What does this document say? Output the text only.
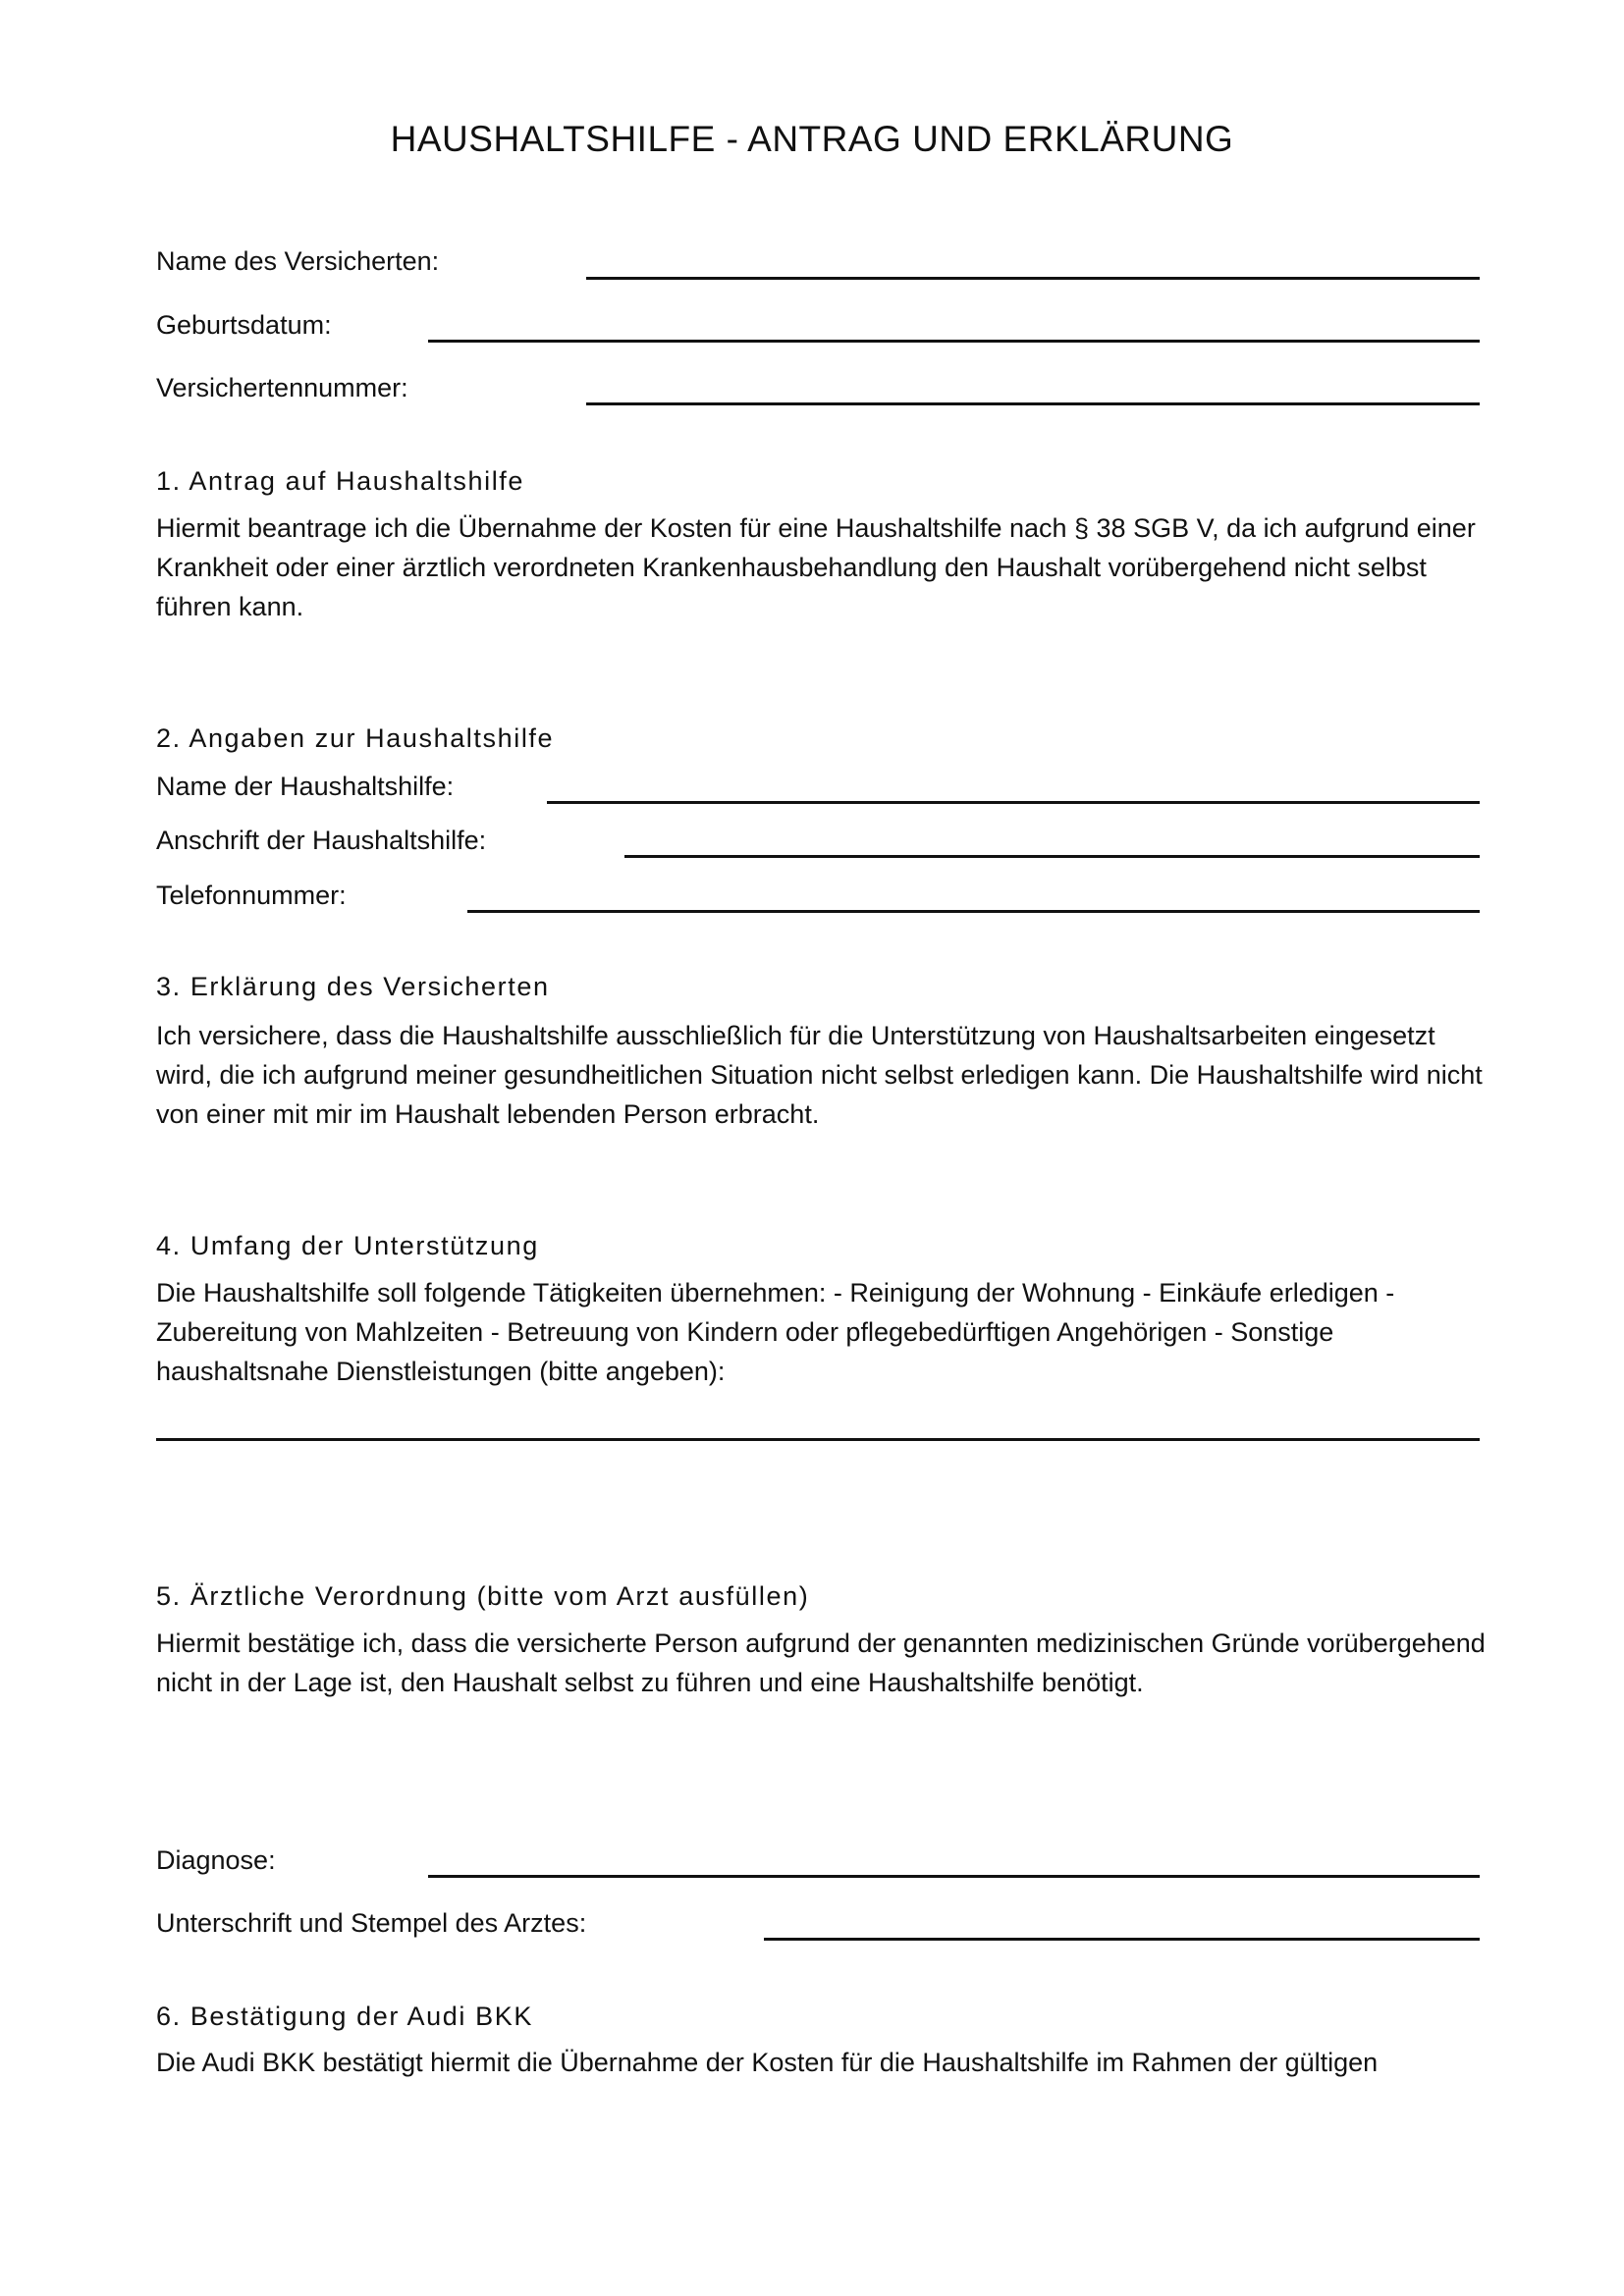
HAUSHALTSHILFE - ANTRAG UND ERKLÄRUNG
Name des Versicherten:
Geburtsdatum:
Versichertennummer:
1. Antrag auf Haushaltshilfe
Hiermit beantrage ich die Übernahme der Kosten für eine Haushaltshilfe nach § 38 SGB V, da ich aufgrund einer Krankheit oder einer ärztlich verordneten Krankenhausbehandlung den Haushalt vorübergehend nicht selbst führen kann.
2. Angaben zur Haushaltshilfe
Name der Haushaltshilfe:
Anschrift der Haushaltshilfe:
Telefonnummer:
3. Erklärung des Versicherten
Ich versichere, dass die Haushaltshilfe ausschließlich für die Unterstützung von Haushaltsarbeiten eingesetzt wird, die ich aufgrund meiner gesundheitlichen Situation nicht selbst erledigen kann. Die Haushaltshilfe wird nicht von einer mit mir im Haushalt lebenden Person erbracht.
4. Umfang der Unterstützung
Die Haushaltshilfe soll folgende Tätigkeiten übernehmen: - Reinigung der Wohnung - Einkäufe erledigen - Zubereitung von Mahlzeiten - Betreuung von Kindern oder pflegebedürftigen Angehörigen - Sonstige haushaltsnahe Dienstleistungen (bitte angeben):
5. Ärztliche Verordnung (bitte vom Arzt ausfüllen)
Hiermit bestätige ich, dass die versicherte Person aufgrund der genannten medizinischen Gründe vorübergehend nicht in der Lage ist, den Haushalt selbst zu führen und eine Haushaltshilfe benötigt.
Diagnose:
Unterschrift und Stempel des Arztes:
6. Bestätigung der Audi BKK
Die Audi BKK bestätigt hiermit die Übernahme der Kosten für die Haushaltshilfe im Rahmen der gültigen
